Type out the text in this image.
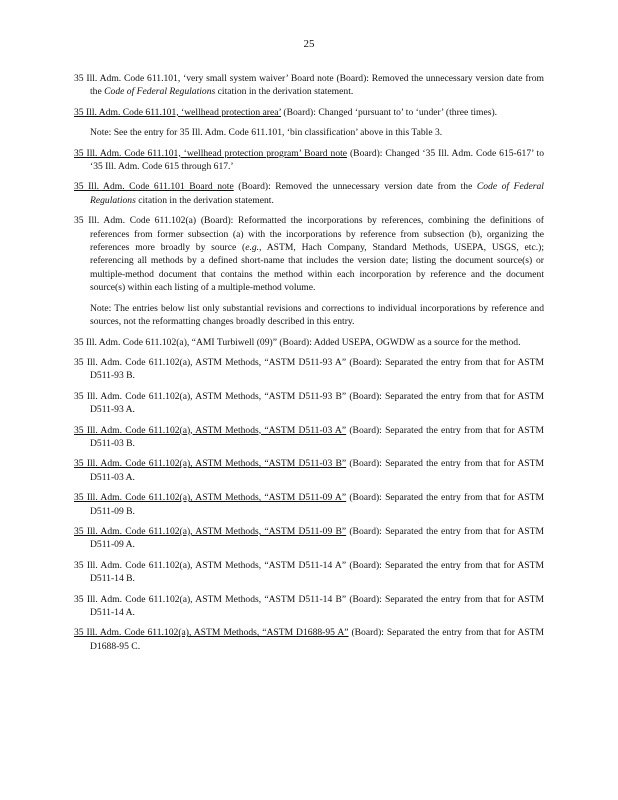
25

35 Ill. Adm. Code 611.101, ‘very small system waiver’ Board note (Board): Removed the unnecessary version date from the Code of Federal Regulations citation in the derivation statement.

35 Ill. Adm. Code 611.101, ‘wellhead protection area’ (Board): Changed ‘pursuant to’ to ‘under’ (three times).

Note: See the entry for 35 Ill. Adm. Code 611.101, ‘bin classification’ above in this Table 3.

35 Ill. Adm. Code 611.101, ‘wellhead protection program’ Board note (Board): Changed ‘35 Ill. Adm. Code 615-617’ to ‘35 Ill. Adm. Code 615 through 617.’

35 Ill. Adm. Code 611.101 Board note (Board): Removed the unnecessary version date from the Code of Federal Regulations citation in the derivation statement.

35 Ill. Adm. Code 611.102(a) (Board): Reformatted the incorporations by references, combining the definitions of references from former subsection (a) with the incorporations by reference from subsection (b), organizing the references more broadly by source (e.g., ASTM, Hach Company, Standard Methods, USEPA, USGS, etc.); referencing all methods by a defined short-name that includes the version date; listing the document source(s) or multiple-method document that contains the method within each incorporation by reference and the document source(s) within each listing of a multiple-method volume.

Note: The entries below list only substantial revisions and corrections to individual incorporations by reference and sources, not the reformatting changes broadly described in this entry.

35 Ill. Adm. Code 611.102(a), “AMI Turbiwell (09)” (Board): Added USEPA, OGWDW as a source for the method.

35 Ill. Adm. Code 611.102(a), ASTM Methods, “ASTM D511-93 A” (Board): Separated the entry from that for ASTM D511-93 B.

35 Ill. Adm. Code 611.102(a), ASTM Methods, “ASTM D511-93 B” (Board): Separated the entry from that for ASTM D511-93 A.

35 Ill. Adm. Code 611.102(a), ASTM Methods, “ASTM D511-03 A” (Board): Separated the entry from that for ASTM D511-03 B.

35 Ill. Adm. Code 611.102(a), ASTM Methods, “ASTM D511-03 B” (Board): Separated the entry from that for ASTM D511-03 A.

35 Ill. Adm. Code 611.102(a), ASTM Methods, “ASTM D511-09 A” (Board): Separated the entry from that for ASTM D511-09 B.

35 Ill. Adm. Code 611.102(a), ASTM Methods, “ASTM D511-09 B” (Board): Separated the entry from that for ASTM D511-09 A.

35 Ill. Adm. Code 611.102(a), ASTM Methods, “ASTM D511-14 A” (Board): Separated the entry from that for ASTM D511-14 B.

35 Ill. Adm. Code 611.102(a), ASTM Methods, “ASTM D511-14 B” (Board): Separated the entry from that for ASTM D511-14 A.

35 Ill. Adm. Code 611.102(a), ASTM Methods, “ASTM D1688-95 A” (Board): Separated the entry from that for ASTM D1688-95 C.
